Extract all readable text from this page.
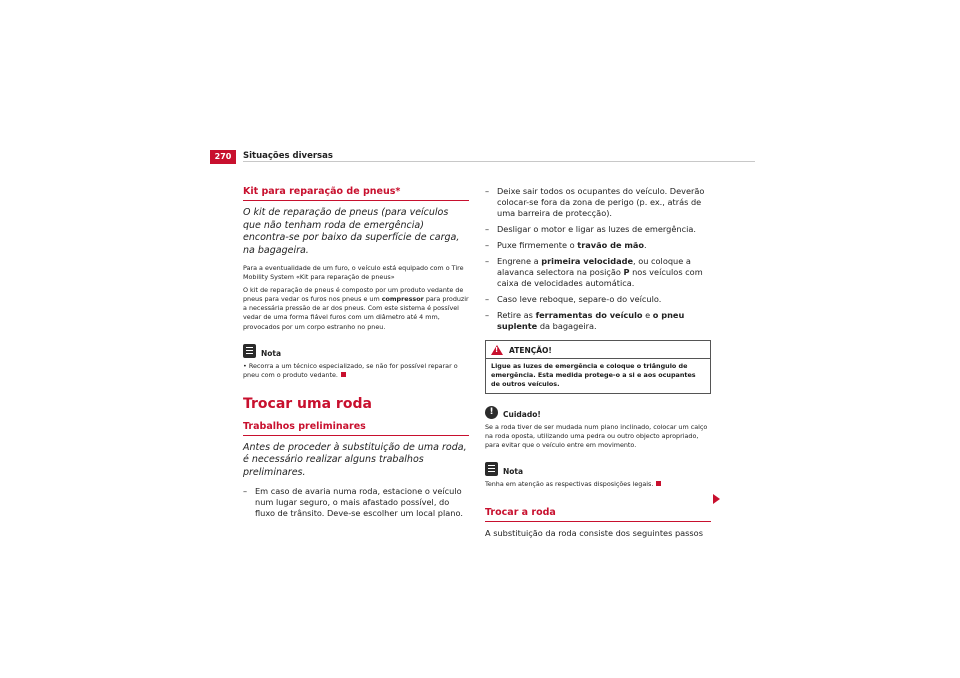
270	Situações diversas
Kit para reparação de pneus*

O kit de reparação de pneus (para veículos que não tenham roda de emergência) encontra-se por baixo da superfície de carga, na bagageira.

Para a eventualidade de um furo, o veículo está equipado com o Tire Mobility System «Kit para reparação de pneus»

O kit de reparação de pneus é composto por um produto vedante de pneus para vedar os furos nos pneus e um compressor para produzir a necessária pressão de ar dos pneus. Com este sistema é possível vedar de uma forma fiável furos com um diâmetro até 4 mm, provocados por um corpo estranho no pneu.

Nota

• Recorra a um técnico especializado, se não for possível reparar o pneu com o produto vedante.

Trocar uma roda
Trabalhos preliminares

Antes de proceder à substituição de uma roda, é necessário realizar alguns trabalhos preliminares.

– Em caso de avaria numa roda, estacione o veículo num lugar seguro, o mais afastado possível, do fluxo de trânsito. Deve-se escolher um local plano.
– Deixe sair todos os ocupantes do veículo. Deverão colocar-se fora da zona de perigo (p. ex., atrás de uma barreira de protecção).
– Desligar o motor e ligar as luzes de emergência.
– Puxe firmemente o travão de mão.
– Engrene a primeira velocidade, ou coloque a alavanca selectora na posição P nos veículos com caixa de velocidades automática.
– Caso leve reboque, separe-o do veículo.
– Retire as ferramentas do veículo e o pneu suplente da bagageira.
!
ATENÇÃO!
Ligue as luzes de emergência e coloque o triângulo de emergência. Esta medida protege-o a si e aos ocupantes de outros veículos.
!	Cuidado!

Se a roda tiver de ser mudada num plano inclinado, colocar um calço na roda oposta, utilizando uma pedra ou outro objecto apropriado, para evitar que o veículo entre em movimento.

Nota

Tenha em atenção as respectivas disposições legais.

Trocar a roda

A substituição da roda consiste dos seguintes passos
